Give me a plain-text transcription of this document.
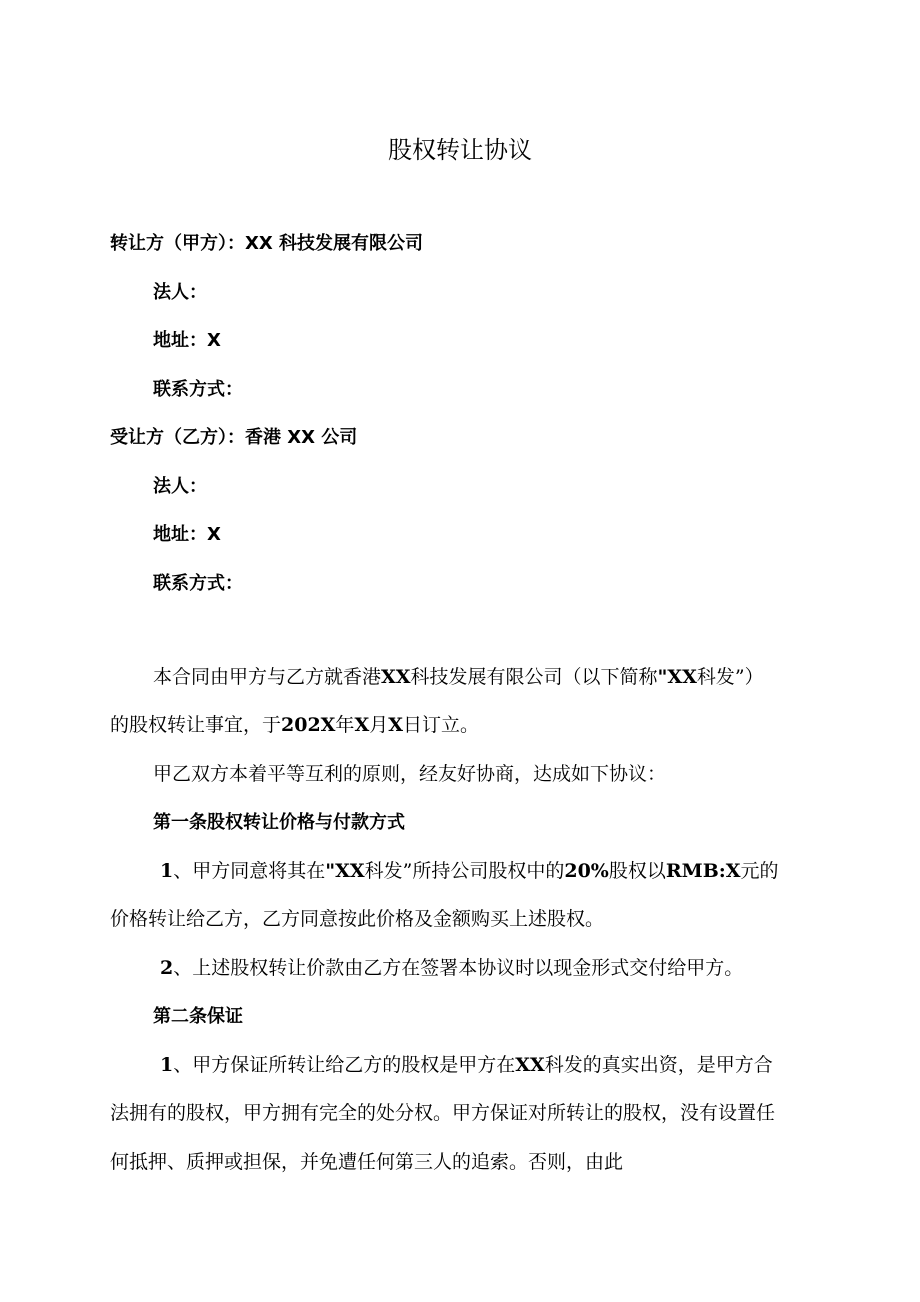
股权转让协议
转让方（甲方）：XX 科技发展有限公司
法人：
地址：X
联系方式：
受让方（乙方）：香港 XX 公司
法人：
地址：X
联系方式：
本合同由甲方与乙方就香港XX科技发展有限公司（以下简称"XX科发”）
的股权转让事宜，于202X年X月X日订立。
甲乙双方本着平等互利的原则，经友好协商，达成如下协议：
第一条股权转让价格与付款方式
1、甲方同意将其在"XX科发”所持公司股权中的20%股权以RMB:X元的
价格转让给乙方，乙方同意按此价格及金额购买上述股权。
2、上述股权转让价款由乙方在签署本协议时以现金形式交付给甲方。
第二条保证
1、甲方保证所转让给乙方的股权是甲方在XX科发的真实出资，是甲方合
法拥有的股权，甲方拥有完全的处分权。甲方保证对所转让的股权，没有设置任
何抵押、质押或担保，并免遭任何第三人的追索。否则，由此
